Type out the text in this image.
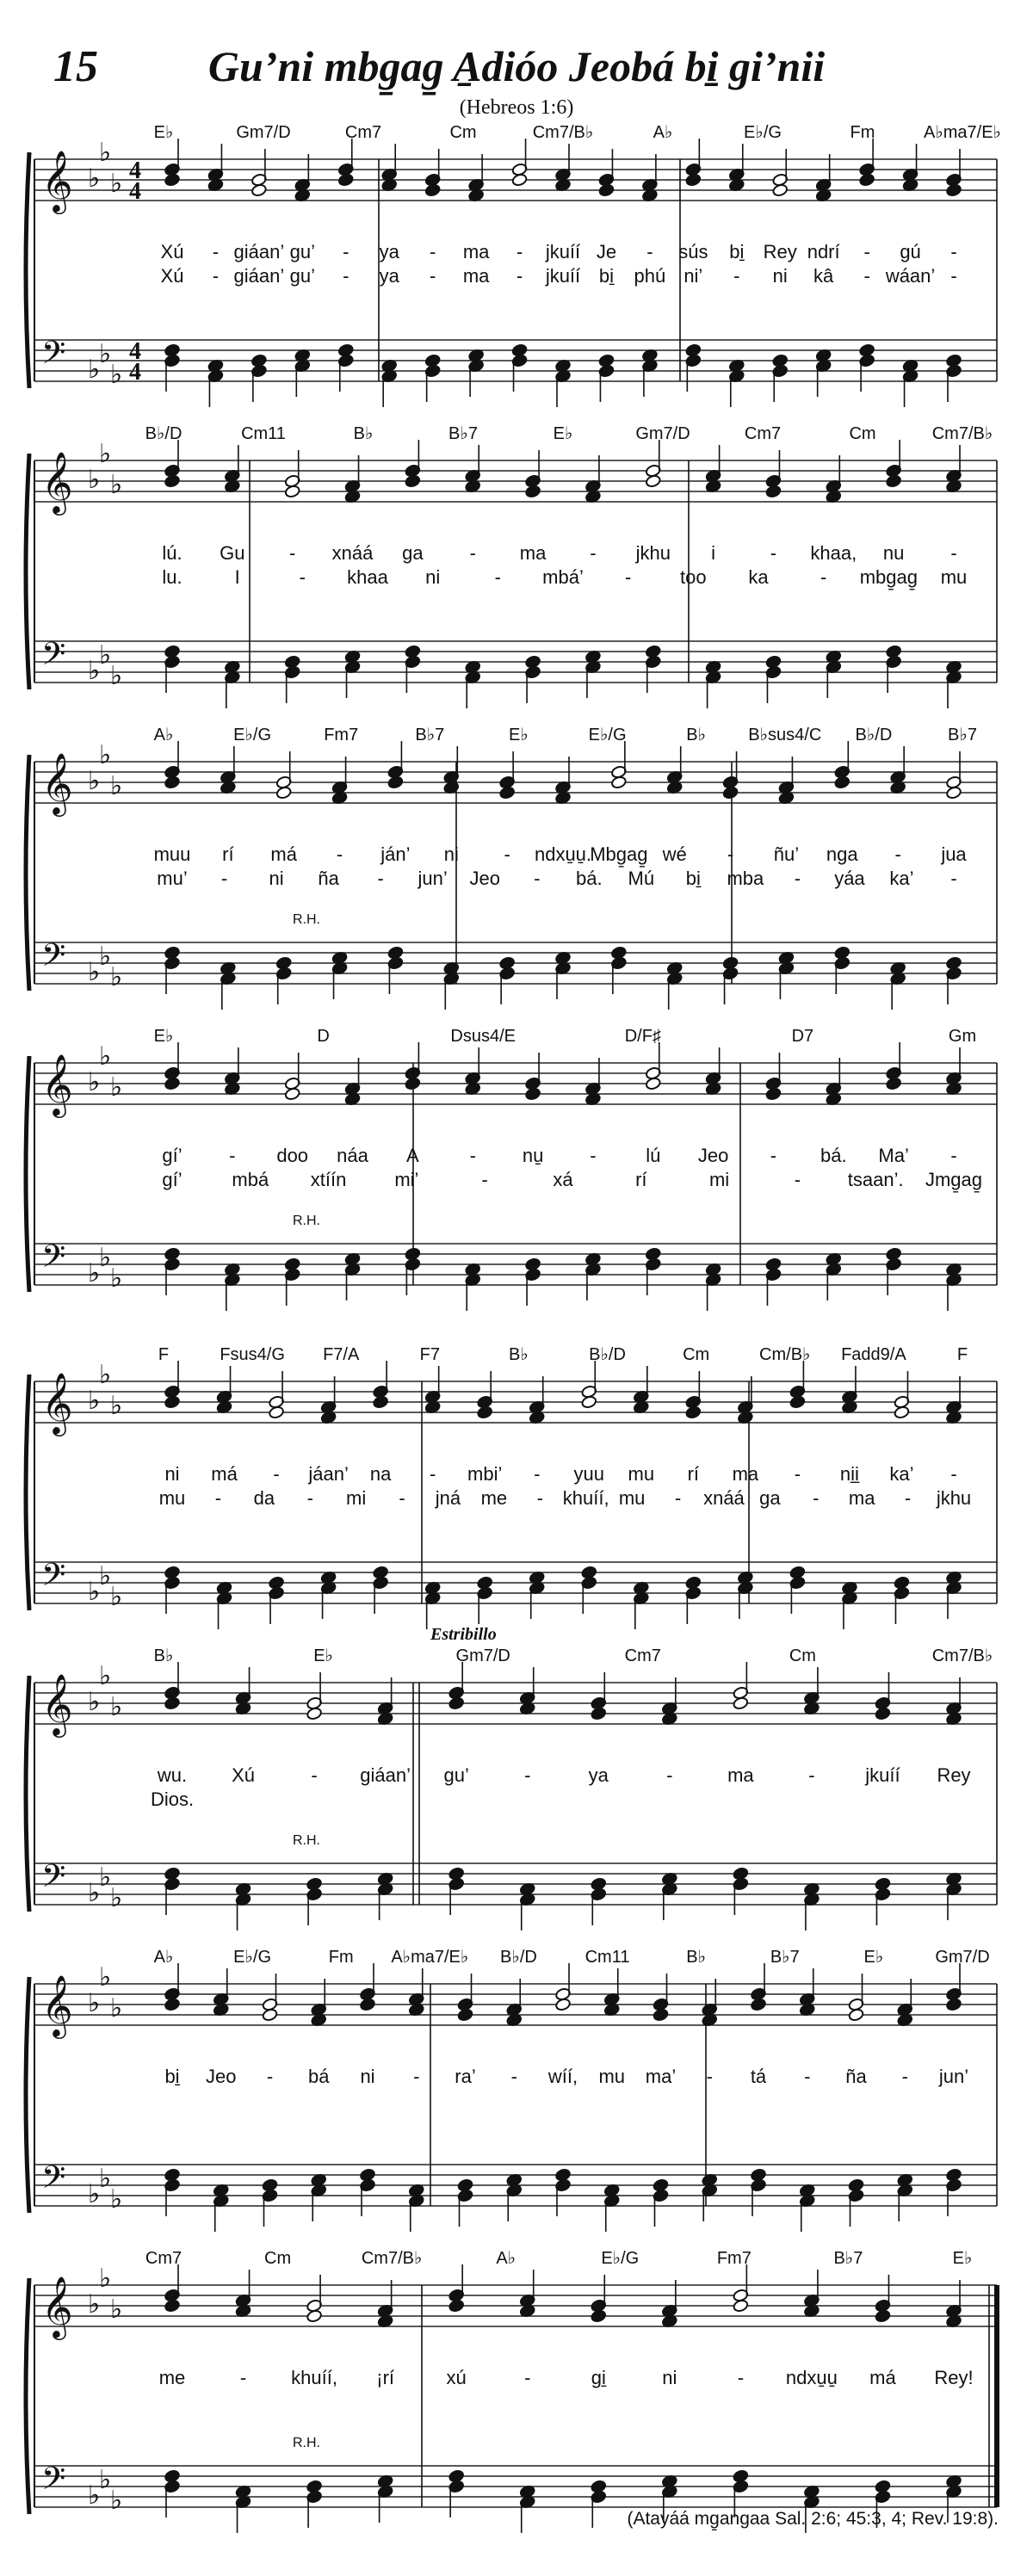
15	Gu’ni mbg̱ag̱ A̱dióo Jeobá bi̱ gi’nii
(Hebreos 1:6)
E♭	Gm7/D	Cm7	Cm	Cm7/B♭	A♭	E♭/G	Fm	A♭ma7/E♭
𝄞 ♭
♭
♭ 4
4
𝄢 ♭
♭
♭
4
4
Xú - giáan’ gu’ - ya - ma - jkuíí Je - sús bi̱ Rey ndrí - gú -
Xú - giáan’ gu’ - ya - ma - jkuíí bi̱ phú ni’ - ni kâ - wáan’ -
B♭/D	Cm11	B♭	B♭7	E♭	Gm7/D	Cm7	Cm	Cm7/B♭
𝄞 ♭
♭
♭
𝄢 ♭
♭
♭
lú. Gu - xnáá ga - ma - jkhu i	- khaa, nu -
lu.	I	- khaa ni	- mbá’ -	too ka	- mbg̱ag̱ mu
A♭	E♭/G	Fm7	B♭7	E♭	E♭/G	B♭ B♭sus4/C B♭/D	B♭7
𝄞 ♭
♭
♭
𝄢 ♭
♭
♭
R.H.
muu rí má - ján’ ni - ndxu̱u̱.
Mbg̱ag̱ wé - ñu’ nga - jua
mu’ - ni ña - jun’ Jeo - bá. Mú bi̱ mba - yáa ka’ -
E♭	D	Dsus4/E	D/F♯	D7	Gm
𝄞 ♭
♭
♭
𝄢 ♭
♭
♭
R.H.
gí’ - doo náa A	- nu̱ -	lú Jeo - bá. Ma’ -
gí’	mbá xtíín	mi’	-	xá	rí	mi	- tsaan’. Jmg̱ag̱
F	Fsus4/G F7/A	F7	B♭	B♭/D	Cm	Cm/B♭ Fadd9/A	F
𝄞 ♭
♭
♭
𝄢 ♭
♭
♭
ni má - jáan’ na - mbi’ - yuu mu rí ma - ni̱i̱ ka’ -
mu - da - mi - jná me - khuíí, mu - xnáá ga - ma - jkhu
Estribillo
B♭	E♭	Gm7/D	Cm7	Cm	Cm7/B♭
𝄞 ♭
♭
♭
𝄢 ♭
♭
♭
R.H.
wu. Xú	- giáan’ gu’	-	ya	-	ma	-	jkuíí Rey
Dios.
A♭	E♭/G	Fm A♭ma7/E♭ B♭/D	Cm11	B♭	B♭7	E♭	Gm7/D
𝄞 ♭
♭
♭
𝄢 ♭
♭
♭
bi̱ Jeo - bá ni - ra’ - wíí, mu ma’ - tá - ña - jun’
Cm7	Cm	Cm7/B♭	A♭	E♭/G	Fm7	B♭7	E♭
𝄞 ♭
♭
♭
𝄢 ♭
♭
♭
R.H.
me	- khuíí, ¡rí	xú	-	gi̱	ni	- ndxu̱u̱ má Rey!
(Atayáá mg̱angaa Sal. 2:6; 45:3, 4; Rev. 19:8).
